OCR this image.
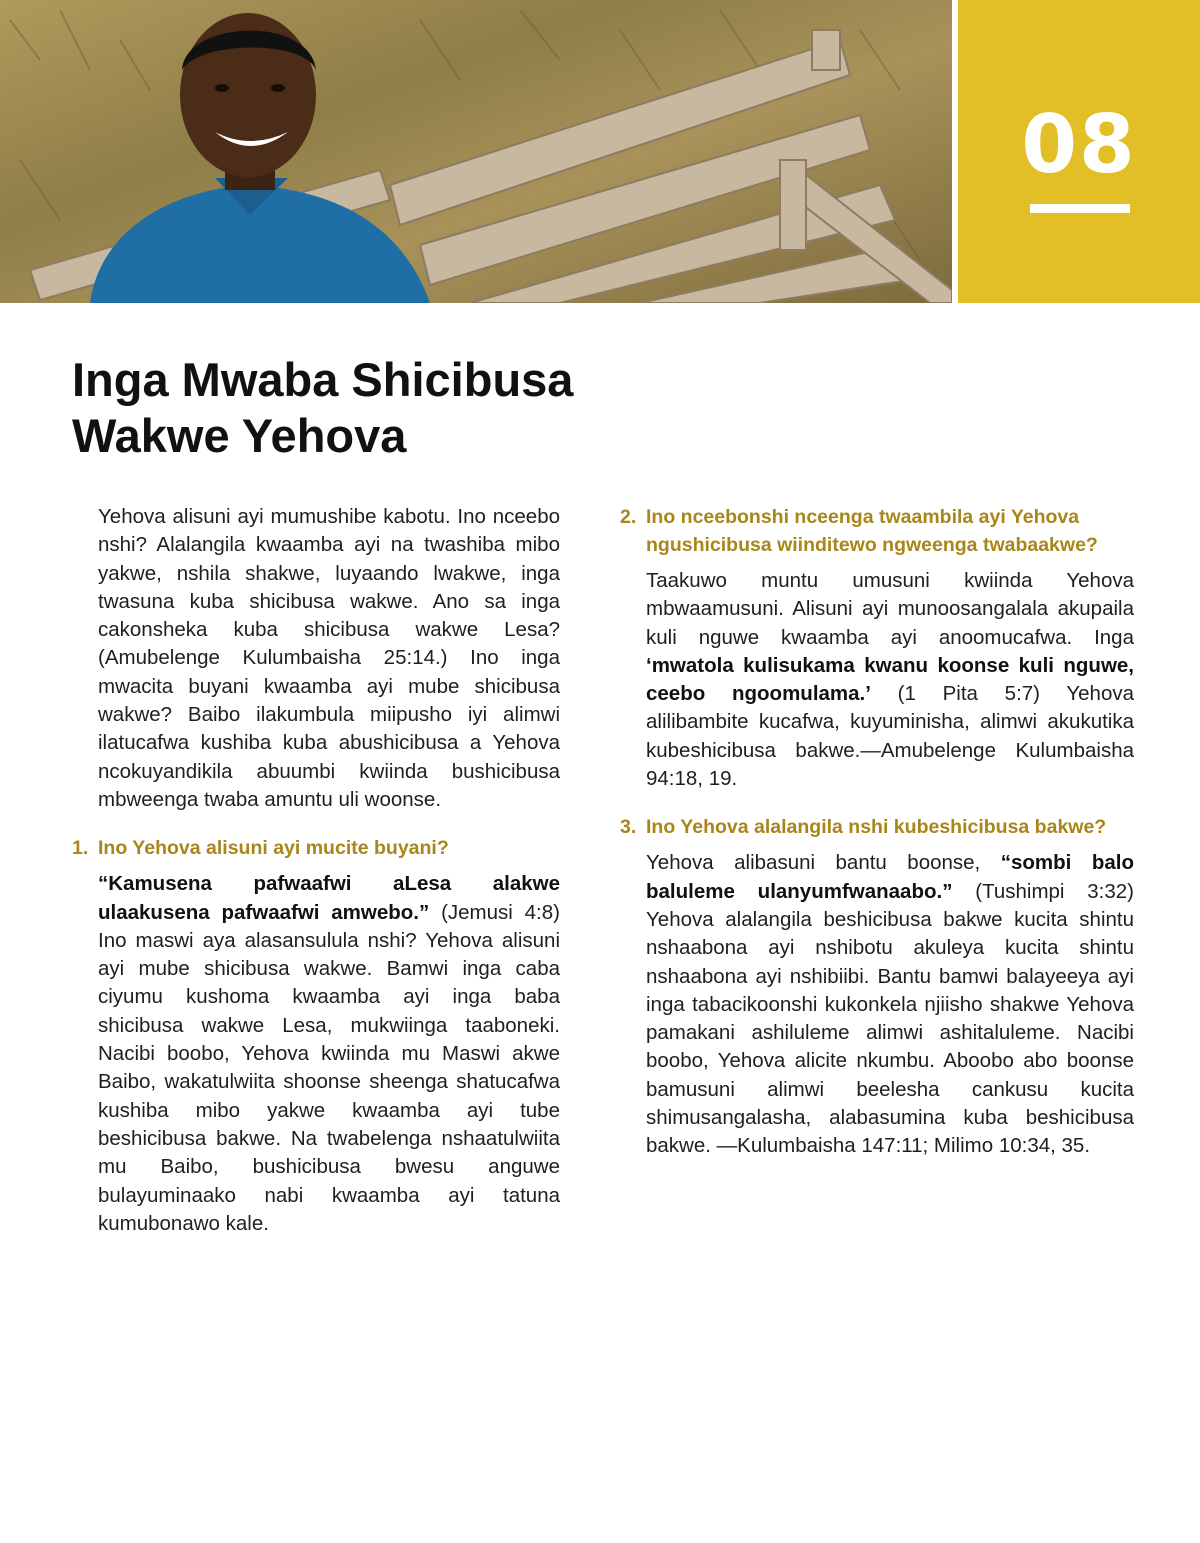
08
Inga Mwaba Shicibusa
Wakwe Yehova

Yehova alisuni ayi mumushibe kabotu. Ino nceebo nshi? Alalangila kwaamba ayi na twashiba mibo yakwe, nshila shakwe, luyaando lwakwe, inga twasuna kuba shicibusa wakwe. Ano sa inga cakonsheka kuba shicibusa wakwe Lesa? (Amubelenge Kulumbaisha 25:14.) Ino inga mwacita buyani kwaamba ayi mube shicibusa wakwe? Baibo ilakumbula miipusho iyi alimwi ilatucafwa kushiba kuba abushicibusa a Yehova ncokuyandikila abuumbi kwiinda bushicibusa mbweenga twaba amuntu uli woonse.

1. Ino Yehova alisuni ayi mucite buyani?

“Kamusena pafwaafwi aLesa alakwe ulaakusena pafwaafwi amwebo.” (Jemusi 4:8) Ino maswi aya alasansulula nshi? Yehova alisuni ayi mube shicibusa wakwe. Bamwi inga caba ciyumu kushoma kwaamba ayi inga baba shicibusa wakwe Lesa, mukwiinga taaboneki. Nacibi boobo, Yehova kwiinda mu Maswi akwe Baibo, wakatulwiita shoonse sheenga shatucafwa kushiba mibo yakwe kwaamba ayi tube beshicibusa bakwe. Na twabelenga nshaatulwiita mu Baibo, bushicibusa bwesu anguwe bulayuminaako nabi kwaamba ayi tatuna kumubonawo kale.

2. Ino nceebonshi nceenga twaambila ayi Yehova ngushicibusa wiinditewo ngweenga twabaakwe?

Taakuwo muntu umusuni kwiinda Yehova mbwaamusuni. Alisuni ayi munoosangalala akupaila kuli nguwe kwaamba ayi anoomucafwa. Inga ‘mwatola kulisukama kwanu koonse kuli nguwe, ceebo ngoomulama.’ (1 Pita 5:7) Yehova alilibambite kucafwa, kuyuminisha, alimwi akukutika kubeshicibusa bakwe.—Amubelenge Kulumbaisha 94:18, 19.

3. Ino Yehova alalangila nshi kubeshicibusa bakwe?

Yehova alibasuni bantu boonse, “sombi balo baluleme ulanyumfwanaabo.” (Tushimpi 3:32) Yehova alalangila beshicibusa bakwe kucita shintu nshaabona ayi nshibotu akuleya kucita shintu nshaabona ayi nshibiibi. Bantu bamwi balayeeya ayi inga tabacikoonshi kukonkela njiisho shakwe Yehova pamakani ashiluleme alimwi ashitaluleme. Nacibi boobo, Yehova alicite nkumbu. Aboobo abo boonse bamusuni alimwi beelesha cankusu kucita shimusangalasha, alabasumina kuba beshicibusa bakwe. —Kulumbaisha 147:11; Milimo 10:34, 35.
